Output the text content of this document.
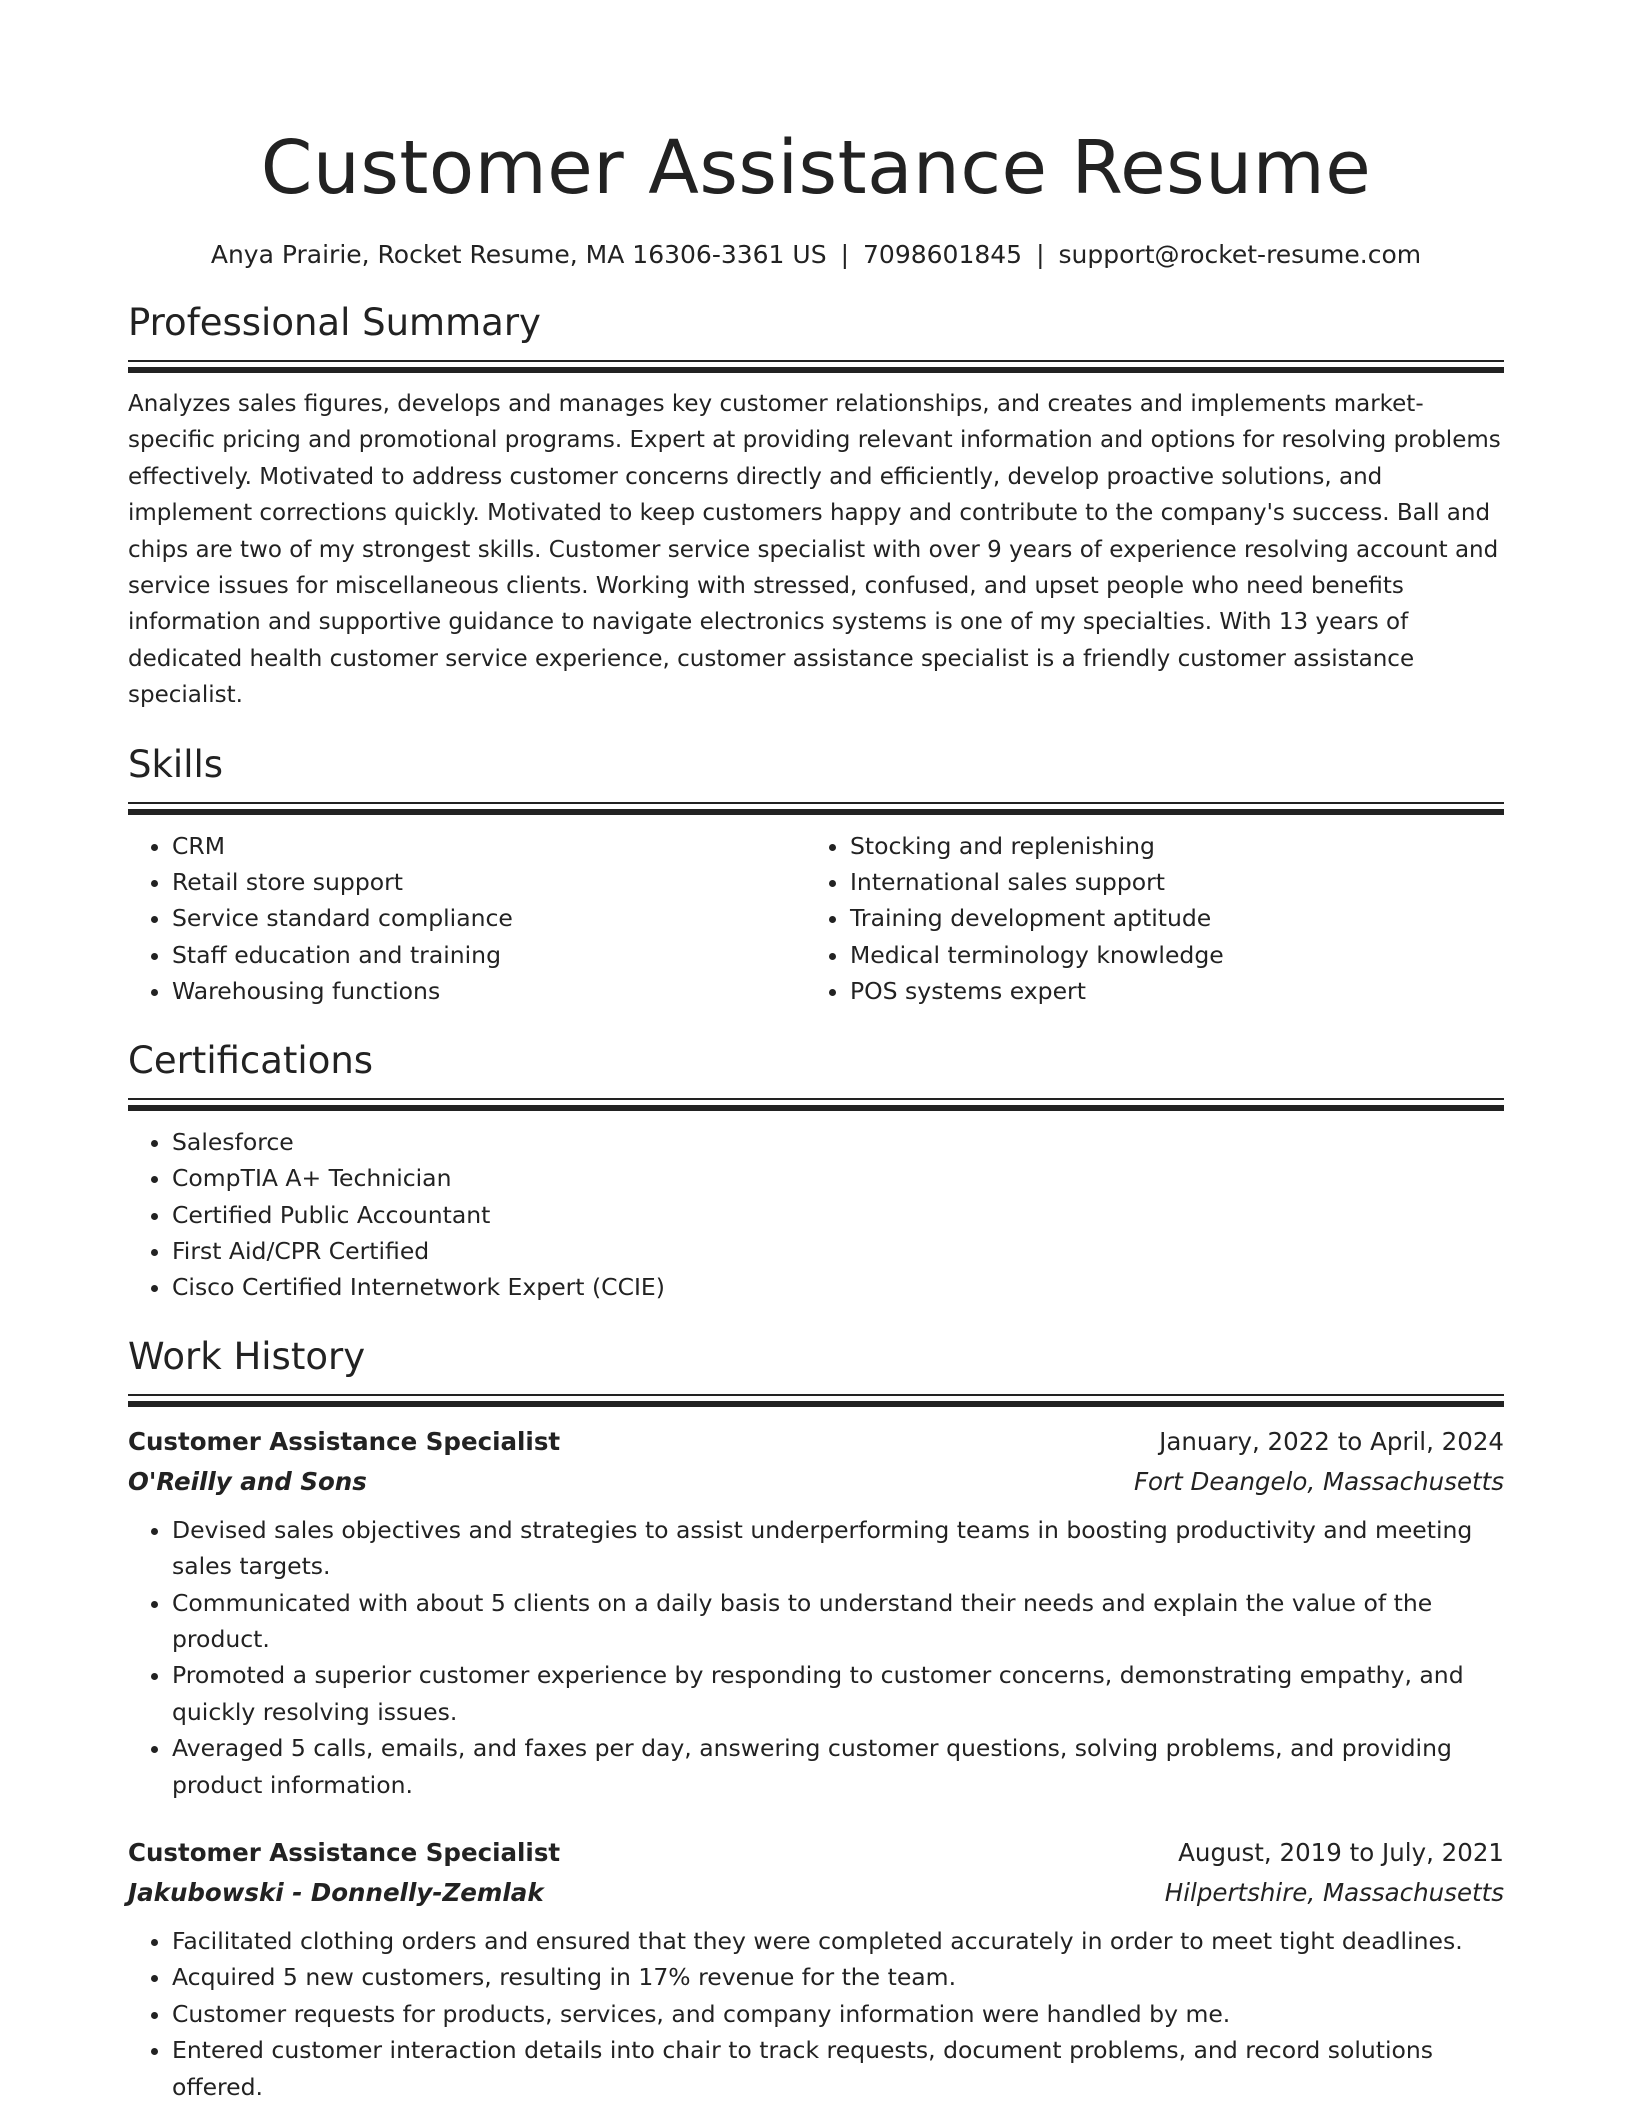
Customer Assistance Resume
Anya Prairie, Rocket Resume, MA 16306-3361 US | 7098601845 | support@rocket-resume.com
Professional Summary

Analyzes sales figures, develops and manages key customer relationships, and creates and implements market-specific pricing and promotional programs. Expert at providing relevant information and options for resolving problems effectively. Motivated to address customer concerns directly and efficiently, develop proactive solutions, and implement corrections quickly. Motivated to keep customers happy and contribute to the company's success. Ball and chips are two of my strongest skills. Customer service specialist with over 9 years of experience resolving account and service issues for miscellaneous clients. Working with stressed, confused, and upset people who need benefits information and supportive guidance to navigate electronics systems is one of my specialties. With 13 years of dedicated health customer service experience, customer assistance specialist is a friendly customer assistance specialist.

Skills
• CRM
• Retail store support
• Service standard compliance
• Staff education and training
• Warehousing functions
• Stocking and replenishing
• International sales support
• Training development aptitude
• Medical terminology knowledge
• POS systems expert
Certifications
• Salesforce
• CompTIA A+ Technician
• Certified Public Accountant
• First Aid/CPR Certified
• Cisco Certified Internetwork Expert (CCIE)
Work History
Customer Assistance Specialist	January, 2022 to April, 2024
O'Reilly and Sons	Fort Deangelo, Massachusetts
• Devised sales objectives and strategies to assist underperforming teams in boosting productivity and meeting sales targets.
• Communicated with about 5 clients on a daily basis to understand their needs and explain the value of the product.
• Promoted a superior customer experience by responding to customer concerns, demonstrating empathy, and quickly resolving issues.
• Averaged 5 calls, emails, and faxes per day, answering customer questions, solving problems, and providing product information.
Customer Assistance Specialist	August, 2019 to July, 2021
Jakubowski - Donnelly-Zemlak	Hilpertshire, Massachusetts
• Facilitated clothing orders and ensured that they were completed accurately in order to meet tight deadlines.
• Acquired 5 new customers, resulting in 17% revenue for the team.
• Customer requests for products, services, and company information were handled by me.
• Entered customer interaction details into chair to track requests, document problems, and record solutions offered.
